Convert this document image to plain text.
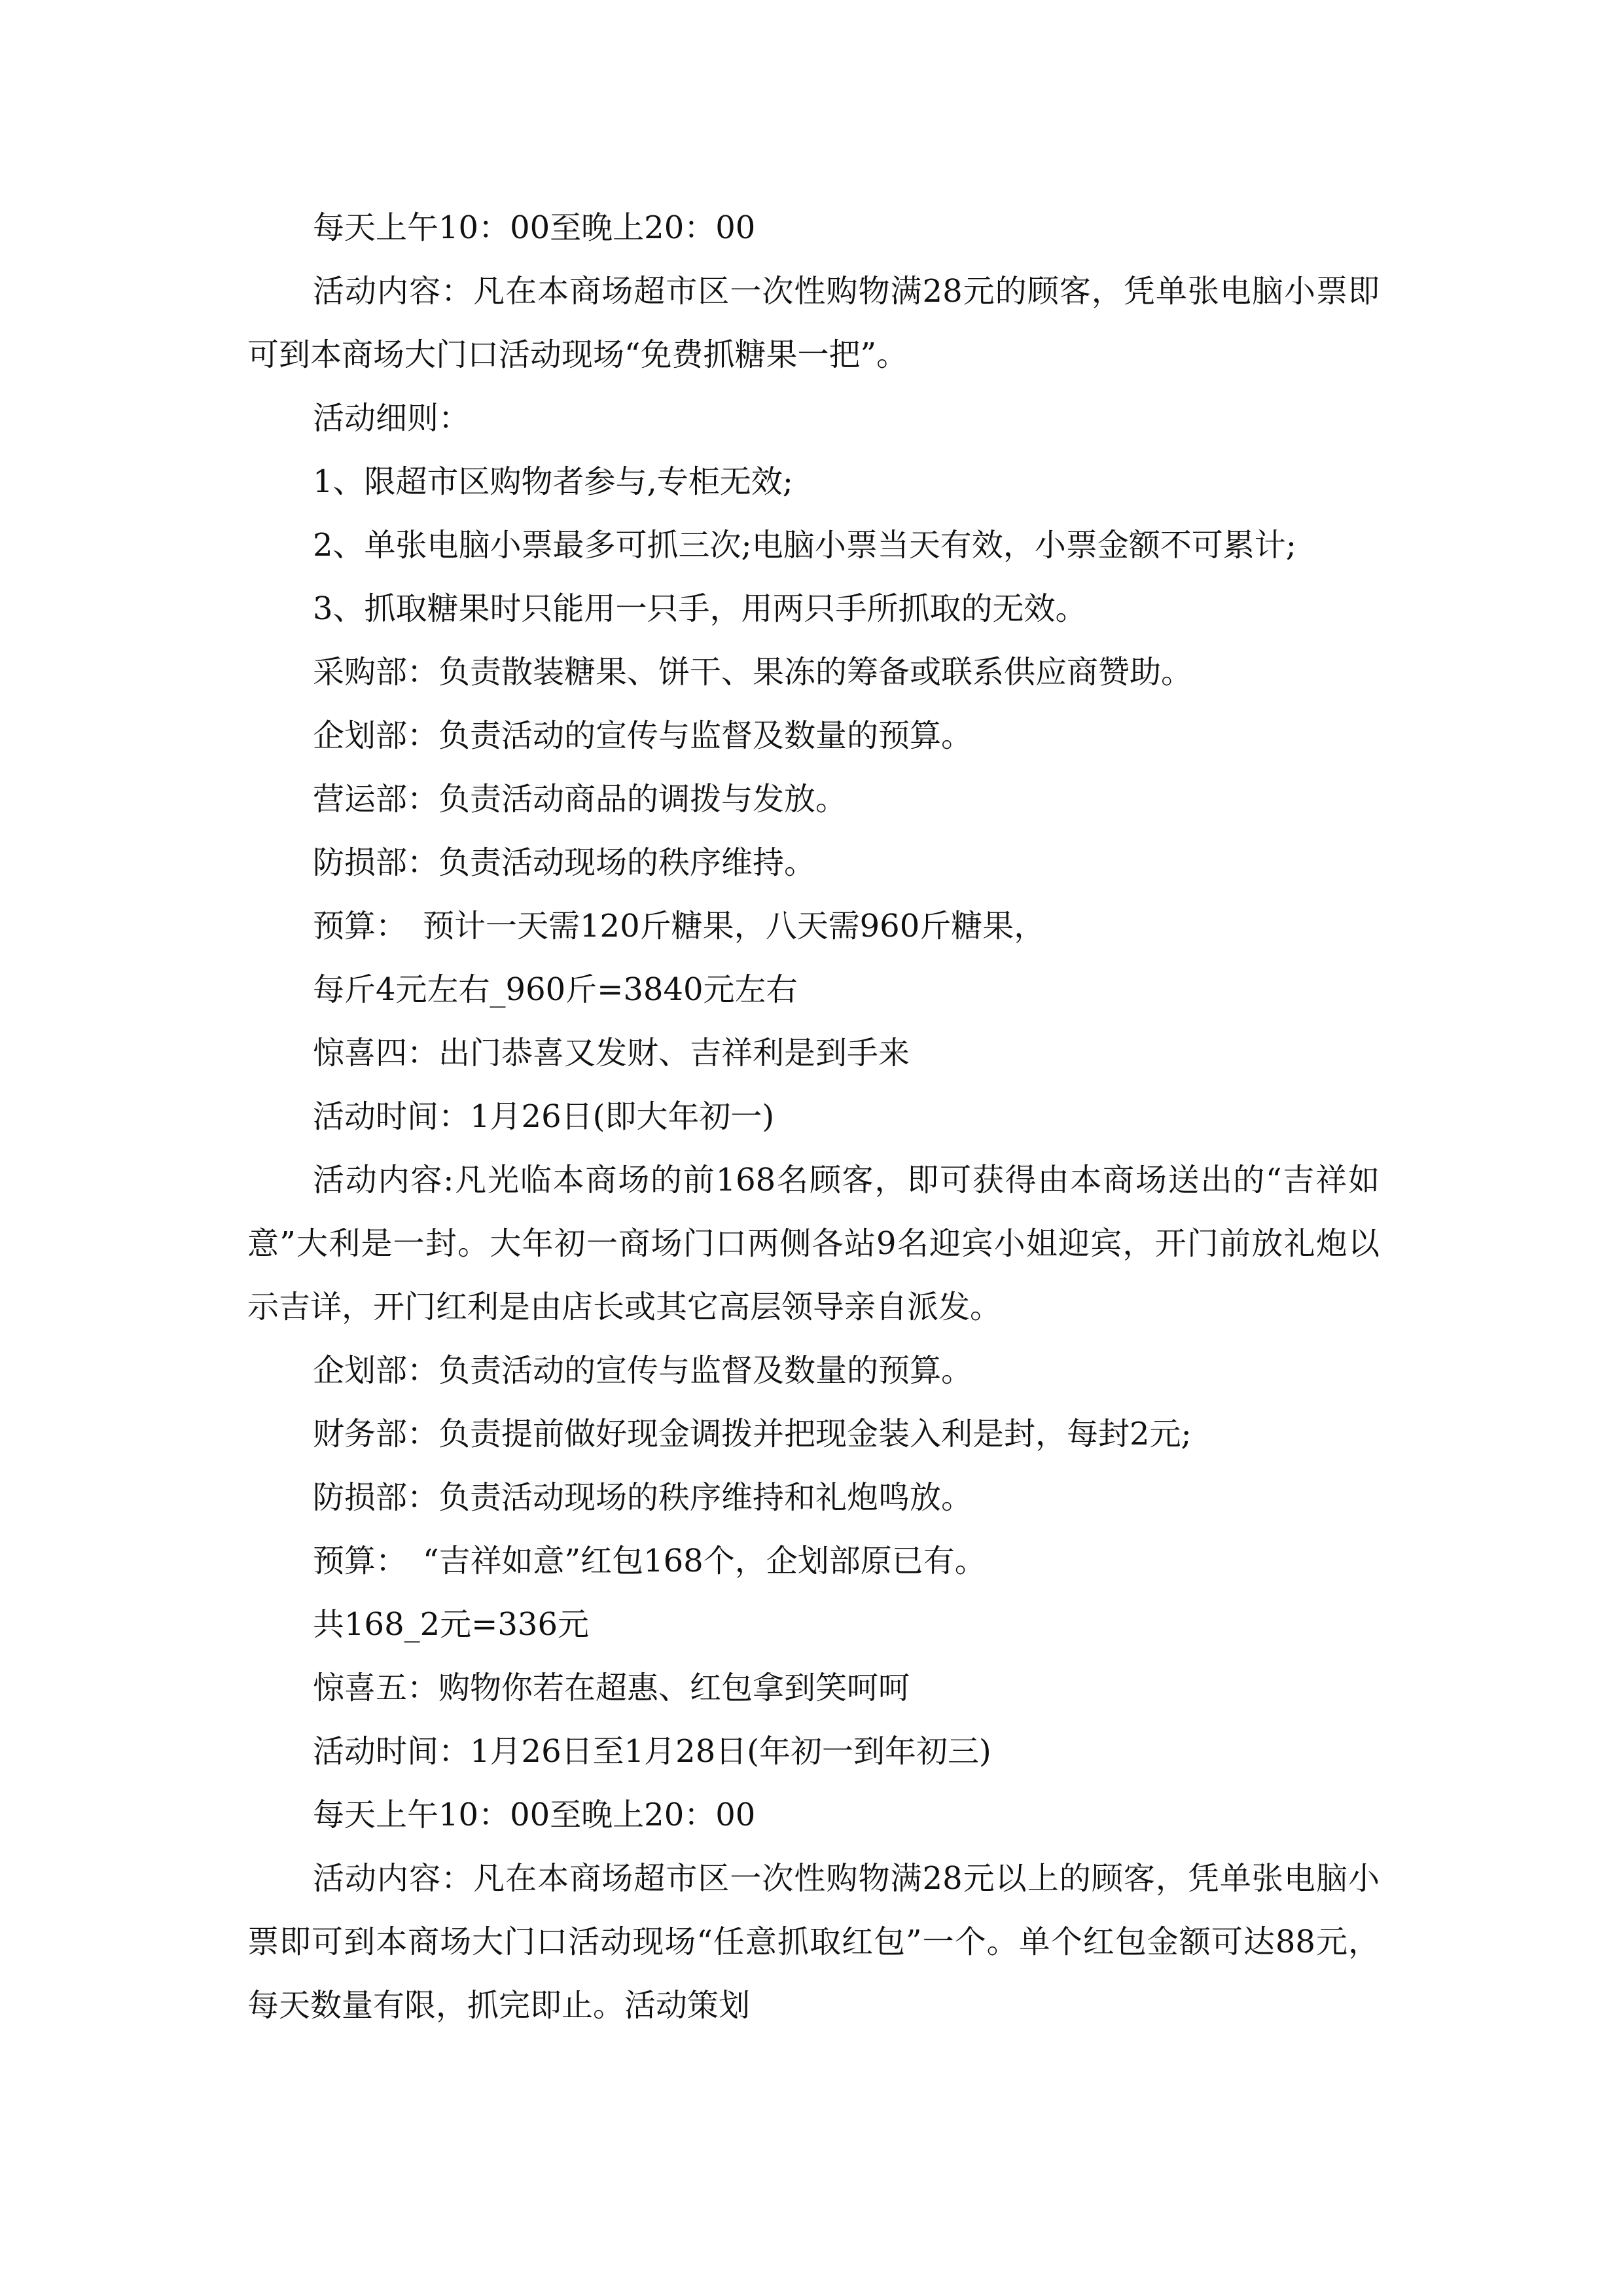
每天上午10：00至晚上20：00

活动内容：凡在本商场超市区一次性购物满28元的顾客，凭单张电脑小票即可到本商场大门口活动现场“免费抓糖果一把”。

活动细则：

1、限超市区购物者参与,专柜无效;

2、单张电脑小票最多可抓三次;电脑小票当天有效，小票金额不可累计;

3、抓取糖果时只能用一只手，用两只手所抓取的无效。

采购部：负责散装糖果、饼干、果冻的筹备或联系供应商赞助。

企划部：负责活动的宣传与监督及数量的预算。

营运部：负责活动商品的调拨与发放。

防损部：负责活动现场的秩序维持。

预算：　预计一天需120斤糖果，八天需960斤糖果，

每斤4元左右_960斤=3840元左右

惊喜四：出门恭喜又发财、吉祥利是到手来

活动时间：1月26日(即大年初一)

活动内容:凡光临本商场的前168名顾客，即可获得由本商场送出的“吉祥如意”大利是一封。大年初一商场门口两侧各站9名迎宾小姐迎宾，开门前放礼炮以示吉详，开门红利是由店长或其它高层领导亲自派发。

企划部：负责活动的宣传与监督及数量的预算。

财务部：负责提前做好现金调拨并把现金装入利是封，每封2元;

防损部：负责活动现场的秩序维持和礼炮鸣放。

预算：　“吉祥如意”红包168个，企划部原已有。

共168_2元=336元

惊喜五：购物你若在超惠、红包拿到笑呵呵

活动时间：1月26日至1月28日(年初一到年初三)

每天上午10：00至晚上20：00

活动内容：凡在本商场超市区一次性购物满28元以上的顾客，凭单张电脑小票即可到本商场大门口活动现场“任意抓取红包”一个。单个红包金额可达88元，每天数量有限，抓完即止。活动策划
